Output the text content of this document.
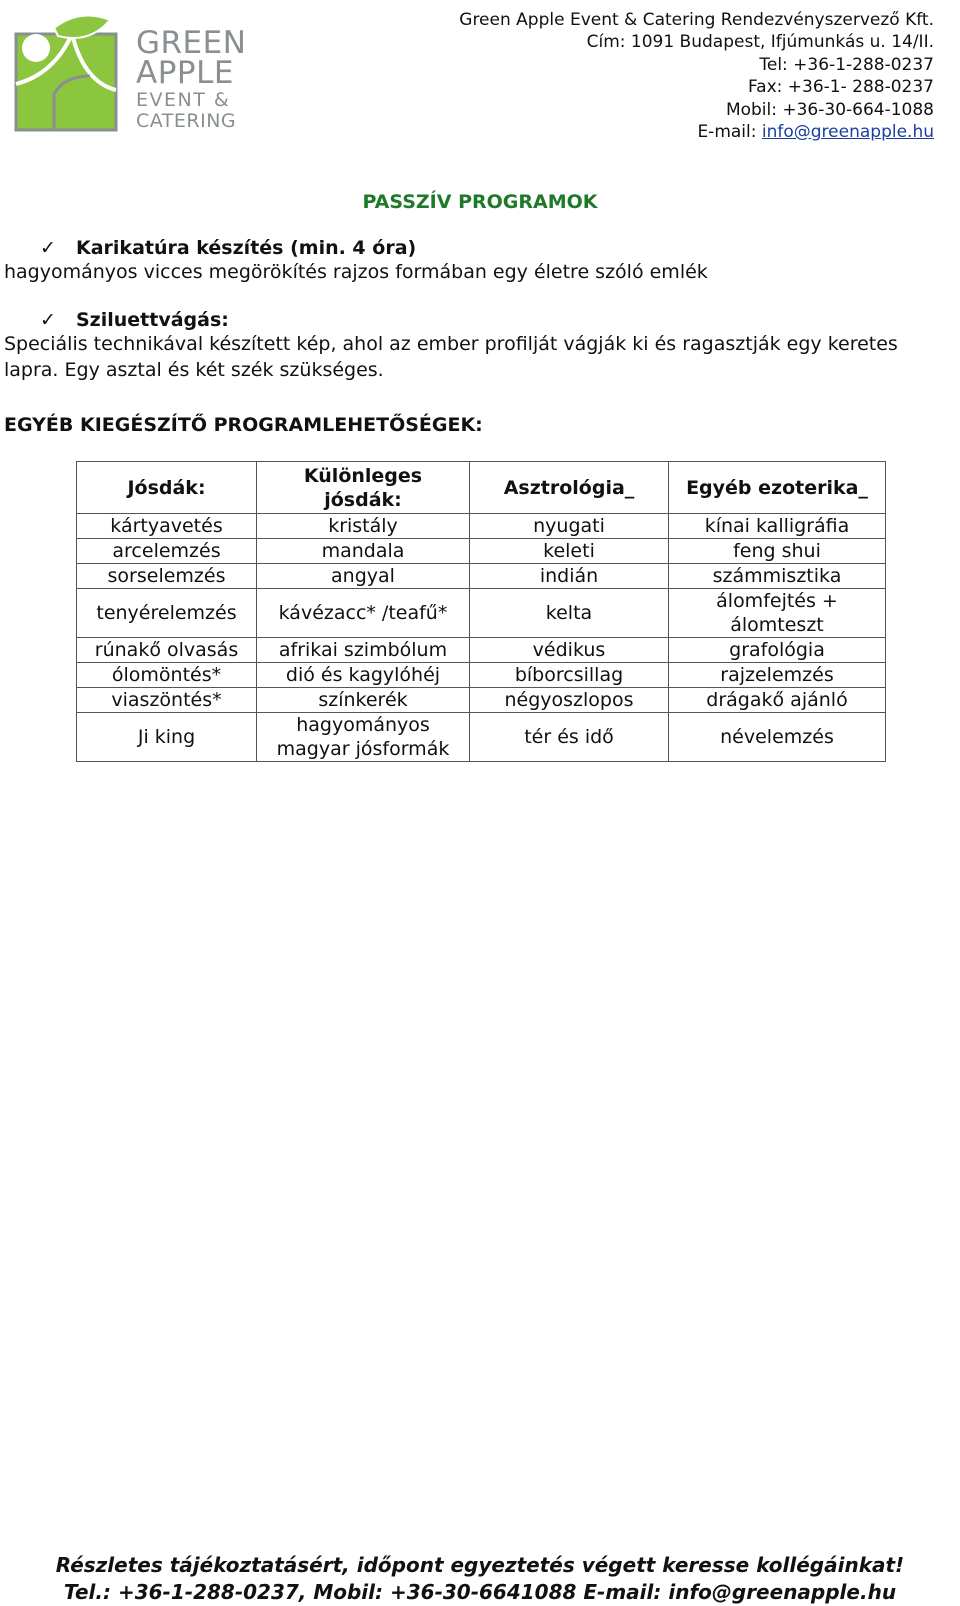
GREEN
APPLE
EVENT &
CATERING
Green Apple Event & Catering Rendezvényszervező Kft.
Cím: 1091 Budapest, Ifjúmunkás u. 14/II.
Tel: +36-1-288-0237
Fax: +36-1- 288-0237
Mobil: +36-30-664-1088
E-mail: info@greenapple.hu
PASSZÍV PROGRAMOK
✓ Karikatúra készítés (min. 4 óra)
hagyományos vicces megörökítés rajzos formában egy életre szóló emlék
✓ Sziluettvágás:
Speciális technikával készített kép, ahol az ember profilját vágják ki és ragasztják egy keretes lapra. Egy asztal és két szék szükséges.
EGYÉB KIEGÉSZÍTŐ PROGRAMLEHETŐSÉGEK:
Jósdák:	Különleges jósdák:	Asztrológia_	Egyéb ezoterika_
kártyavetés	kristály	nyugati	kínai kalligráfia
arcelemzés	mandala	keleti	feng shui
sorselemzés	angyal	indián	számmisztika
tenyérelemzés	kávézacc* /teafű*	kelta	álomfejtés + álomteszt
rúnakő olvasás	afrikai szimbólum	védikus	grafológia
ólomöntés*	dió és kagylóhéj	bíborcsillag	rajzelemzés
viaszöntés*	színkerék	négyoszlopos	drágakő ajánló
Ji king	hagyományos magyar jósformák	tér és idő	névelemzés
Részletes tájékoztatásért, időpont egyeztetés végett keresse kollégáinkat!
Tel.: +36-1-288-0237, Mobil: +36-30-6641088 E-mail: info@greenapple.hu
